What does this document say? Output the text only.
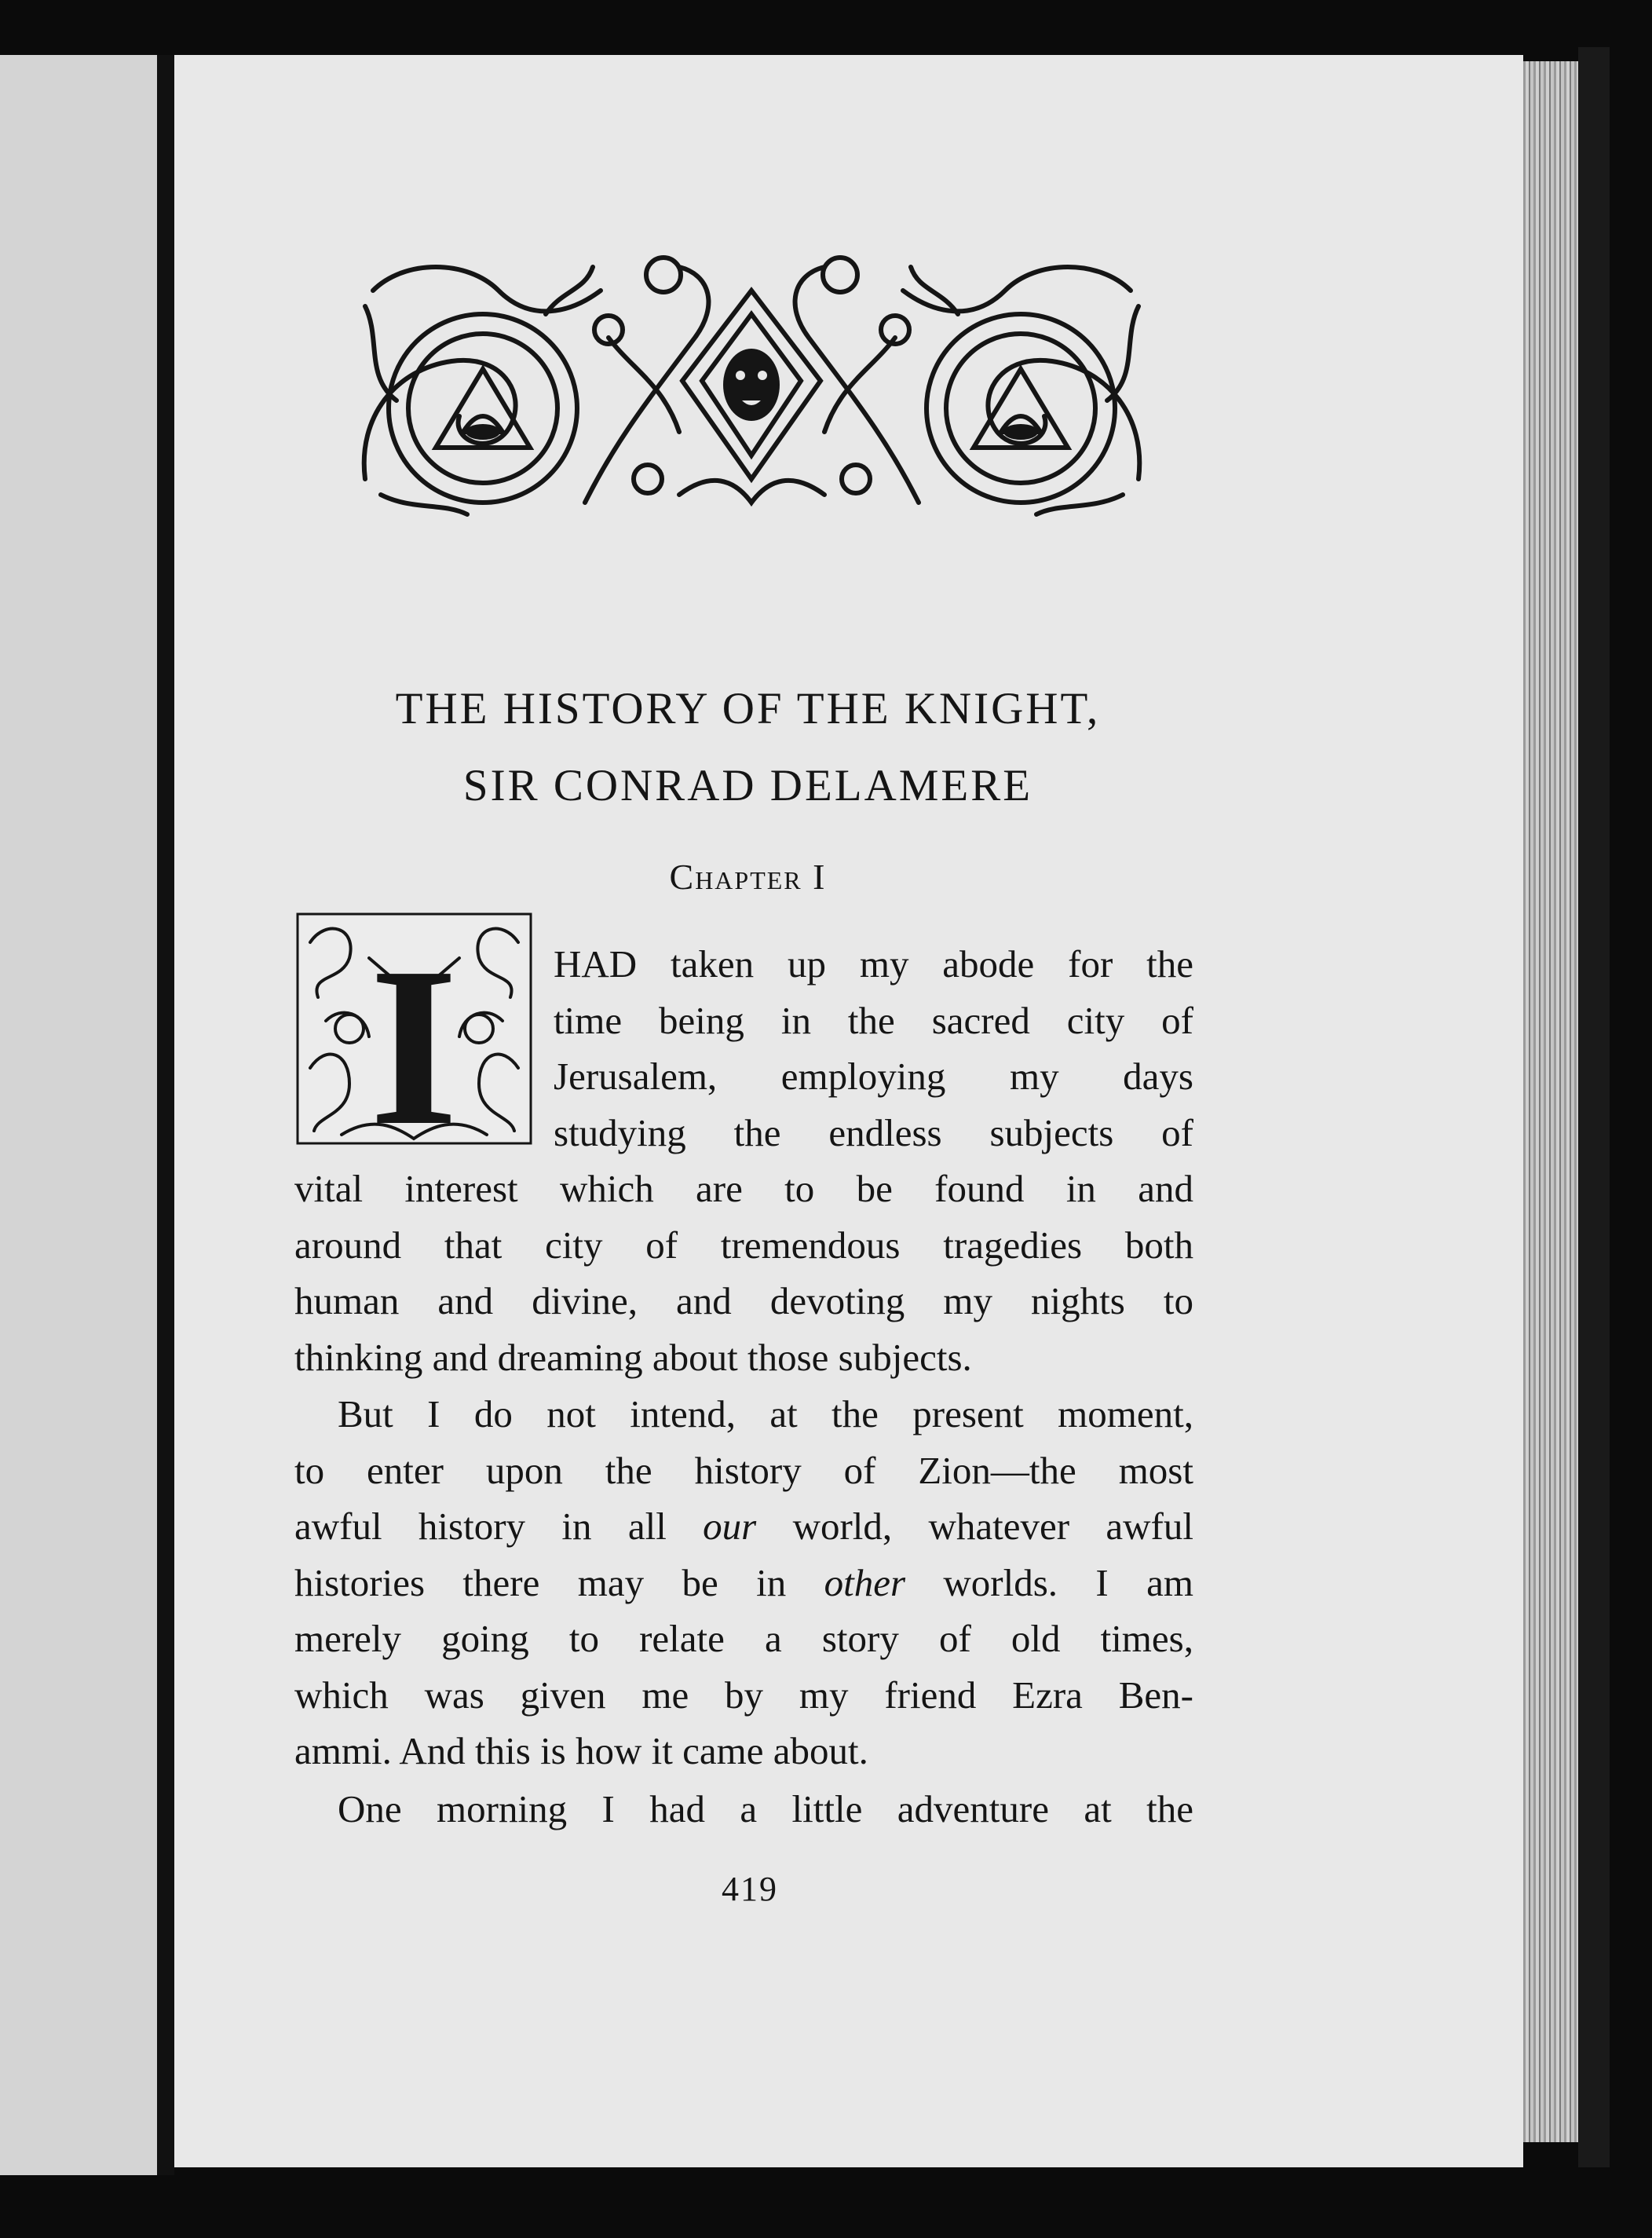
THE HISTORY OF THE KNIGHT,
SIR CONRAD DELAMERE
Chapter I
I HAD taken up my abode for the
time being in the sacred city of
Jerusalem, employing my days
studying the endless subjects of
vital interest which are to be found in and
around that city of tremendous tragedies both
human and divine, and devoting my nights to
thinking and dreaming about those subjects.
But I do not intend, at the present moment,
to enter upon the history of Zion—the most
awful history in all our world, whatever awful
histories there may be in other worlds. I am
merely going to relate a story of old times,
which was given me by my friend Ezra Ben-
ammi. And this is how it came about.
One morning I had a little adventure at the
419
